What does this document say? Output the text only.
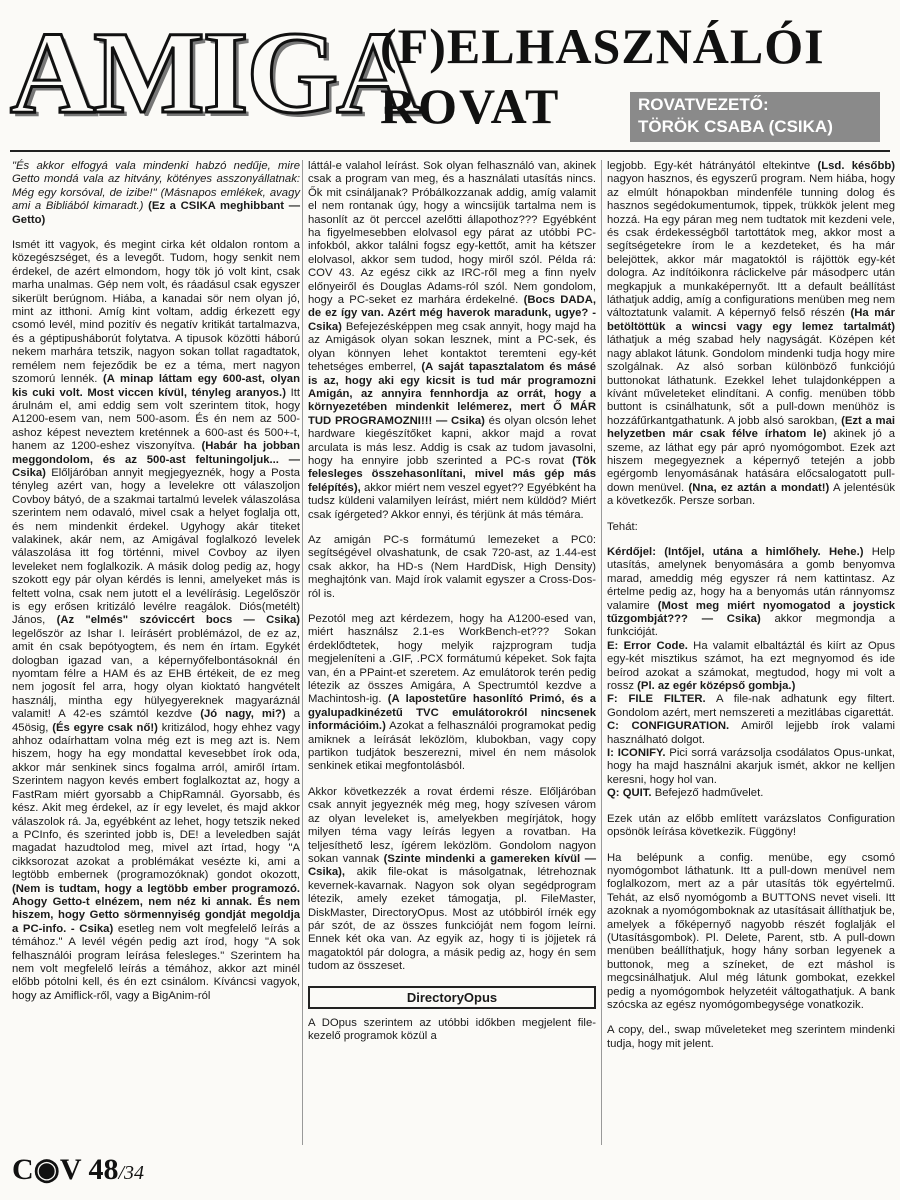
AMIGA
(F)ELHASZNÁLÓI
ROVAT	ROVATVEZETŐ:
TÖRÖK CSABA (CSIKA)

"És akkor elfogyá vala mindenki habzó nedűje, mire Getto mondá vala az hitvány, kötényes asszonyállatnak: Még egy korsóval, de izibe!" (Másnapos emlékek, avagy ami a Bibliából kimaradt.) (Ez a CSIKA meghibbant — Getto)

Ismét itt vagyok, és megint cirka két oldalon rontom a közegészséget, és a levegőt. Tudom, hogy senkit nem érdekel, de azért elmondom, hogy tök jó volt kint, csak marha unalmas. Gép nem volt, és ráadásul csak egyszer sikerült berúgnom. Hiába, a kanadai sör nem olyan jó, mint az itthoni. Amíg kint voltam, addig érkezett egy csomó levél, mind pozitív és negatív kritikát tartalmazva, és a géptipusháborút folytatva. A tipusok közötti háború nekem marhára tetszik, nagyon sokan tollat ragadtatok, remélem nem fejeződik be ez a téma, mert nagyon szomorú lennék. (A minap láttam egy 600-ast, olyan kis cuki volt. Most viccen kívül, tényleg aranyos.) Itt árulnám el, ami eddig sem volt szerintem titok, hogy A1200-esem van, nem 500-asom. És én nem az 500-ashoz képest neveztem kreténnek a 600-ast és 500+-t, hanem az 1200-eshez viszonyítva. (Habár ha jobban meggondolom, és az 500-ast feltuningoljuk... — Csika) Előljáróban annyit megjegyeznék, hogy a Posta tényleg azért van, hogy a levelekre ott válaszoljon Covboy bátyó, de a szakmai tartalmú levelek válaszolása szerintem nem odavaló, mivel csak a helyet foglalja ott, és nem mindenkit érdekel. Ugyhogy akár titeket valakinek, akár nem, az Amigával foglalkozó levelek válaszolása itt fog történni, mivel Covboy az ilyen leveleket nem foglalkozik. A másik dolog pedig az, hogy szokott egy pár olyan kérdés is lenni, amelyeket más is feltett volna, csak nem jutott el a levélírásig. Legelőször is egy erősen kritizáló levélre reagálok. Diós(metélt) János, (Az "elmés" szóviccért bocs — Csika) legelőször az Ishar I. leírásért problémázol, de ez az, amit én csak bepótyogtem, és nem én írtam. Egykét dologban igazad van, a képernyőfelbontásoknál én nyomtam félre a HAM és az EHB értékeit, de ez meg nem jogosít fel arra, hogy olyan kioktató hangvételt használj, mintha egy hülyegyereknek magyaráznál valamit! A 42-es számtól kezdve (Jó nagy, mi?) a 45ösig, (És egyre csak nő!) kritizálod, hogy ehhez vagy ahhoz odaírhattam volna még ezt is meg azt is. Nem hiszem, hogy ha egy mondattal kevesebbet írok oda, akkor már senkinek sincs fogalma arról, amiről írtam. Szerintem nagyon kevés embert foglalkoztat az, hogy a FastRam miért gyorsabb a ChipRamnál. Gyorsabb, és kész. Akit meg érdekel, az ír egy levelet, és majd akkor válaszolok rá. Ja, egyébként az lehet, hogy tetszik neked a PCInfo, és szerinted jobb is, DE! a leveledben saját magadat hazudtolod meg, mivel azt írtad, hogy "A cikksorozat azokat a problémákat vesézte ki, ami a legtöbb embernek (programozóknak) gondot okozott, (Nem is tudtam, hogy a legtöbb ember programozó. Ahogy Getto-t elnézem, nem néz ki annak. És nem hiszem, hogy Getto sörmennyiség gondját megoldja a PC-info. - Csika) esetleg nem volt megfelelő leírás a témához." A levél végén pedig azt írod, hogy "A sok felhasználói program leírása felesleges." Szerintem ha nem volt megfelelő leírás a témához, akkor azt minél előbb pótolni kell, és én ezt csinálom. Kíváncsi vagyok, hogy az Amiflick-ről, vagy a BigAnim-ról

láttál-e valahol leírást. Sok olyan felhasználó van, akinek csak a program van meg, és a használati utasítás nincs. Ők mit csináljanak? Próbálkozzanak addig, amíg valamit el nem rontanak úgy, hogy a wincsijük tartalma nem is hasonlít az öt perccel azelőtti állapothoz??? Egyébként ha figyelmesebben elolvasol egy párat az utóbbi PC-infokból, akkor találni fogsz egy-kettőt, amit ha kétszer elolvasol, akkor sem tudod, hogy miről szól. Példa rá: COV 43. Az egész cikk az IRC-ről meg a finn nyelv előnyeiről és Douglas Adams-ról szól. Nem gondolom, hogy a PC-seket ez marhára érdekelné. (Bocs DADA, de ez így van. Azért még haverok maradunk, ugye? - Csika) Befejezésképpen meg csak annyit, hogy majd ha az Amigások olyan sokan lesznek, mint a PC-sek, és olyan könnyen lehet kontaktot teremteni egy-két tehetséges emberrel, (A saját tapasztalatom és másé is az, hogy aki egy kicsit is tud már programozni Amigán, az annyira fennhordja az orrát, hogy a környezetében mindenkit lelémerez, mert Ő MÁR TUD PROGRAMOZNI!!! — Csika) és olyan olcsón lehet hardware kiegészítőket kapni, akkor majd a rovat arculata is más lesz. Addig is csak az tudom javasolni, hogy ha ennyire jobb szerinted a PC-s rovat (Tök felesleges összehasonlítani, mivel más gép más felépítés), akkor miért nem veszel egyet?? Egyébként ha tudsz küldeni valamilyen leírást, miért nem küldöd? Miért csak ígérgeted? Akkor ennyi, és térjünk át más témára.

Az amigán PC-s formátumú lemezeket a PC0: segítségével olvashatunk, de csak 720-ast, az 1.44-est csak akkor, ha HD-s (Nem HardDisk, High Density) meghajtónk van. Majd írok valamit egyszer a Cross-Dos-ról is.

Pezotól meg azt kérdezem, hogy ha A1200-esed van, miért használsz 2.1-es WorkBench-et??? Sokan érdeklődtetek, hogy melyik rajzprogram tudja megjeleníteni a .GIF, .PCX formátumú képeket. Sok fajta van, én a PPaint-et szeretem. Az emulátorok terén pedig létezik az összes Amigára, A Spectrumtól kezdve a Machintosh-ig. (A lapostetűre hasonlító Primó, és a gyalupadkinézetű TVC emulátorokról nincsenek információim.) Azokat a felhasználói programokat pedig amiknek a leírását leközlöm, klubokban, vagy copy partikon tudjátok beszerezni, mivel én nem másolok senkinek etikai megfontolásból.

Akkor következzék a rovat érdemi része. Előljáróban csak annyit jegyeznék még meg, hogy szívesen várom az olyan leveleket is, amelyekben megírjátok, hogy milyen téma vagy leírás legyen a rovatban. Ha teljesíthető lesz, ígérem leközlöm. Gondolom nagyon sokan vannak (Szinte mindenki a gamereken kívül — Csika), akik file-okat is másolgatnak, létrehoznak kevernek-kavarnak. Nagyon sok olyan segédprogram létezik, amely ezeket támogatja, pl. FileMaster, DiskMaster, DirectoryOpus. Most az utóbbiról írnék egy pár szót, de az összes funkcióját nem fogom leírni. Ennek két oka van. Az egyik az, hogy ti is jöjjetek rá magatoktól pár dologra, a másik pedig az, hogy én sem tudom az összeset.

DirectoryOpus

A DOpus szerintem az utóbbi időkben megjelent file-kezelő programok közül a

legjobb. Egy-két hátrányától eltekintve (Lsd. később) nagyon hasznos, és egyszerű program. Nem hiába, hogy az elmúlt hónapokban mindenféle tunning dolog és hasznos segédokumentumok, tippek, trükkök jelent meg hozzá. Ha egy páran meg nem tudtatok mit kezdeni vele, és csak érdekességből tartottátok meg, akkor most a segítségetekre írom le a kezdeteket, és ha már belejöttek, akkor már magatoktól is rájöttök egy-két dologra. Az indítóikonra ráclickelve pár másodperc után megkapjuk a munkaképernyőt. Itt a default beállítást láthatjuk addig, amíg a configurations menüben meg nem változtatunk valamit. A képernyő felső részén (Ha már betöltöttük a wincsi vagy egy lemez tartalmát) láthatjuk a még szabad hely nagyságát. Középen két nagy ablakot látunk. Gondolom mindenki tudja hogy mire szolgálnak. Az alsó sorban különböző funkciójú buttonokat láthatunk. Ezekkel lehet tulajdonképpen a kívánt műveleteket elindítani. A config. menüben több buttont is csinálhatunk, sőt a pull-down menühöz is hozzáfűrkantgathatunk. A jobb alsó sarokban, (Ezt a mai helyzetben már csak félve írhatom le) akinek jó a szeme, az láthat egy pár apró nyomógombot. Ezek azt hiszem megegyeznek a képernyő tetején a jobb egérgomb lenyomásának hatására előcsalogatott pull-down menüvel. (Nna, ez aztán a mondat!) A jelentésük a következők. Persze sorban.

Tehát:

Kérdőjel: (Intőjel, utána a himlőhely. Hehe.) Help utasítás, amelynek benyomására a gomb benyomva marad, ameddig még egyszer rá nem kattintasz. Az értelme pedig az, hogy ha a benyomás után ránnyomsz valamire (Most meg miért nyomogatod a joystick tűzgombját??? — Csika) akkor megmondja a funkcióját.
E: Error Code. Ha valamit elbaltáztál és kiírt az Opus egy-két misztikus számot, ha ezt megnyomod és ide beírod azokat a számokat, megtudod, hogy mi volt a rossz (Pl. az egér középső gombja.)
F: FILE FILTER. A file-nak adhatunk egy filtert. Gondolom azért, mert nemszereti a mezitlábas cigarettát.
C: CONFIGURATION. Amiről lejjebb írok valami használható dolgot.
I: ICONIFY. Pici sorrá varázsolja csodálatos Opus-unkat, hogy ha majd használni akarjuk ismét, akkor ne kelljen keresni, hogy hol van.
Q: QUIT. Befejező hadművelet.

Ezek után az előbb említett varázslatos Configuration opsönök leírása következik. Függöny!

Ha belépunk a config. menübe, egy csomó nyomógombot láthatunk. Itt a pull-down menüvel nem foglalkozom, mert az a pár utasítás tök egyértelmű. Tehát, az első nyomógomb a BUTTONS nevet viseli. Itt azoknak a nyomógomboknak az utasításait állíthatjuk be, amelyek a főképernyő nagyobb részét foglalják el (Utasításgombok). Pl. Delete, Parent, stb. A pull-down menüben beállíthatjuk, hogy hány sorban legyenek a buttonok, meg a színeket, de ezt máshol is megcsinálhatjuk. Alul még látunk gombokat, ezekkel pedig a nyomógombok helyzetéit váltogathatjuk. A bank szócska az egész nyomógombegysége vonatkozik.

A copy, del., swap műveleteket meg szerintem mindenki tudja, hogy mit jelent.

C◉V 48/34
